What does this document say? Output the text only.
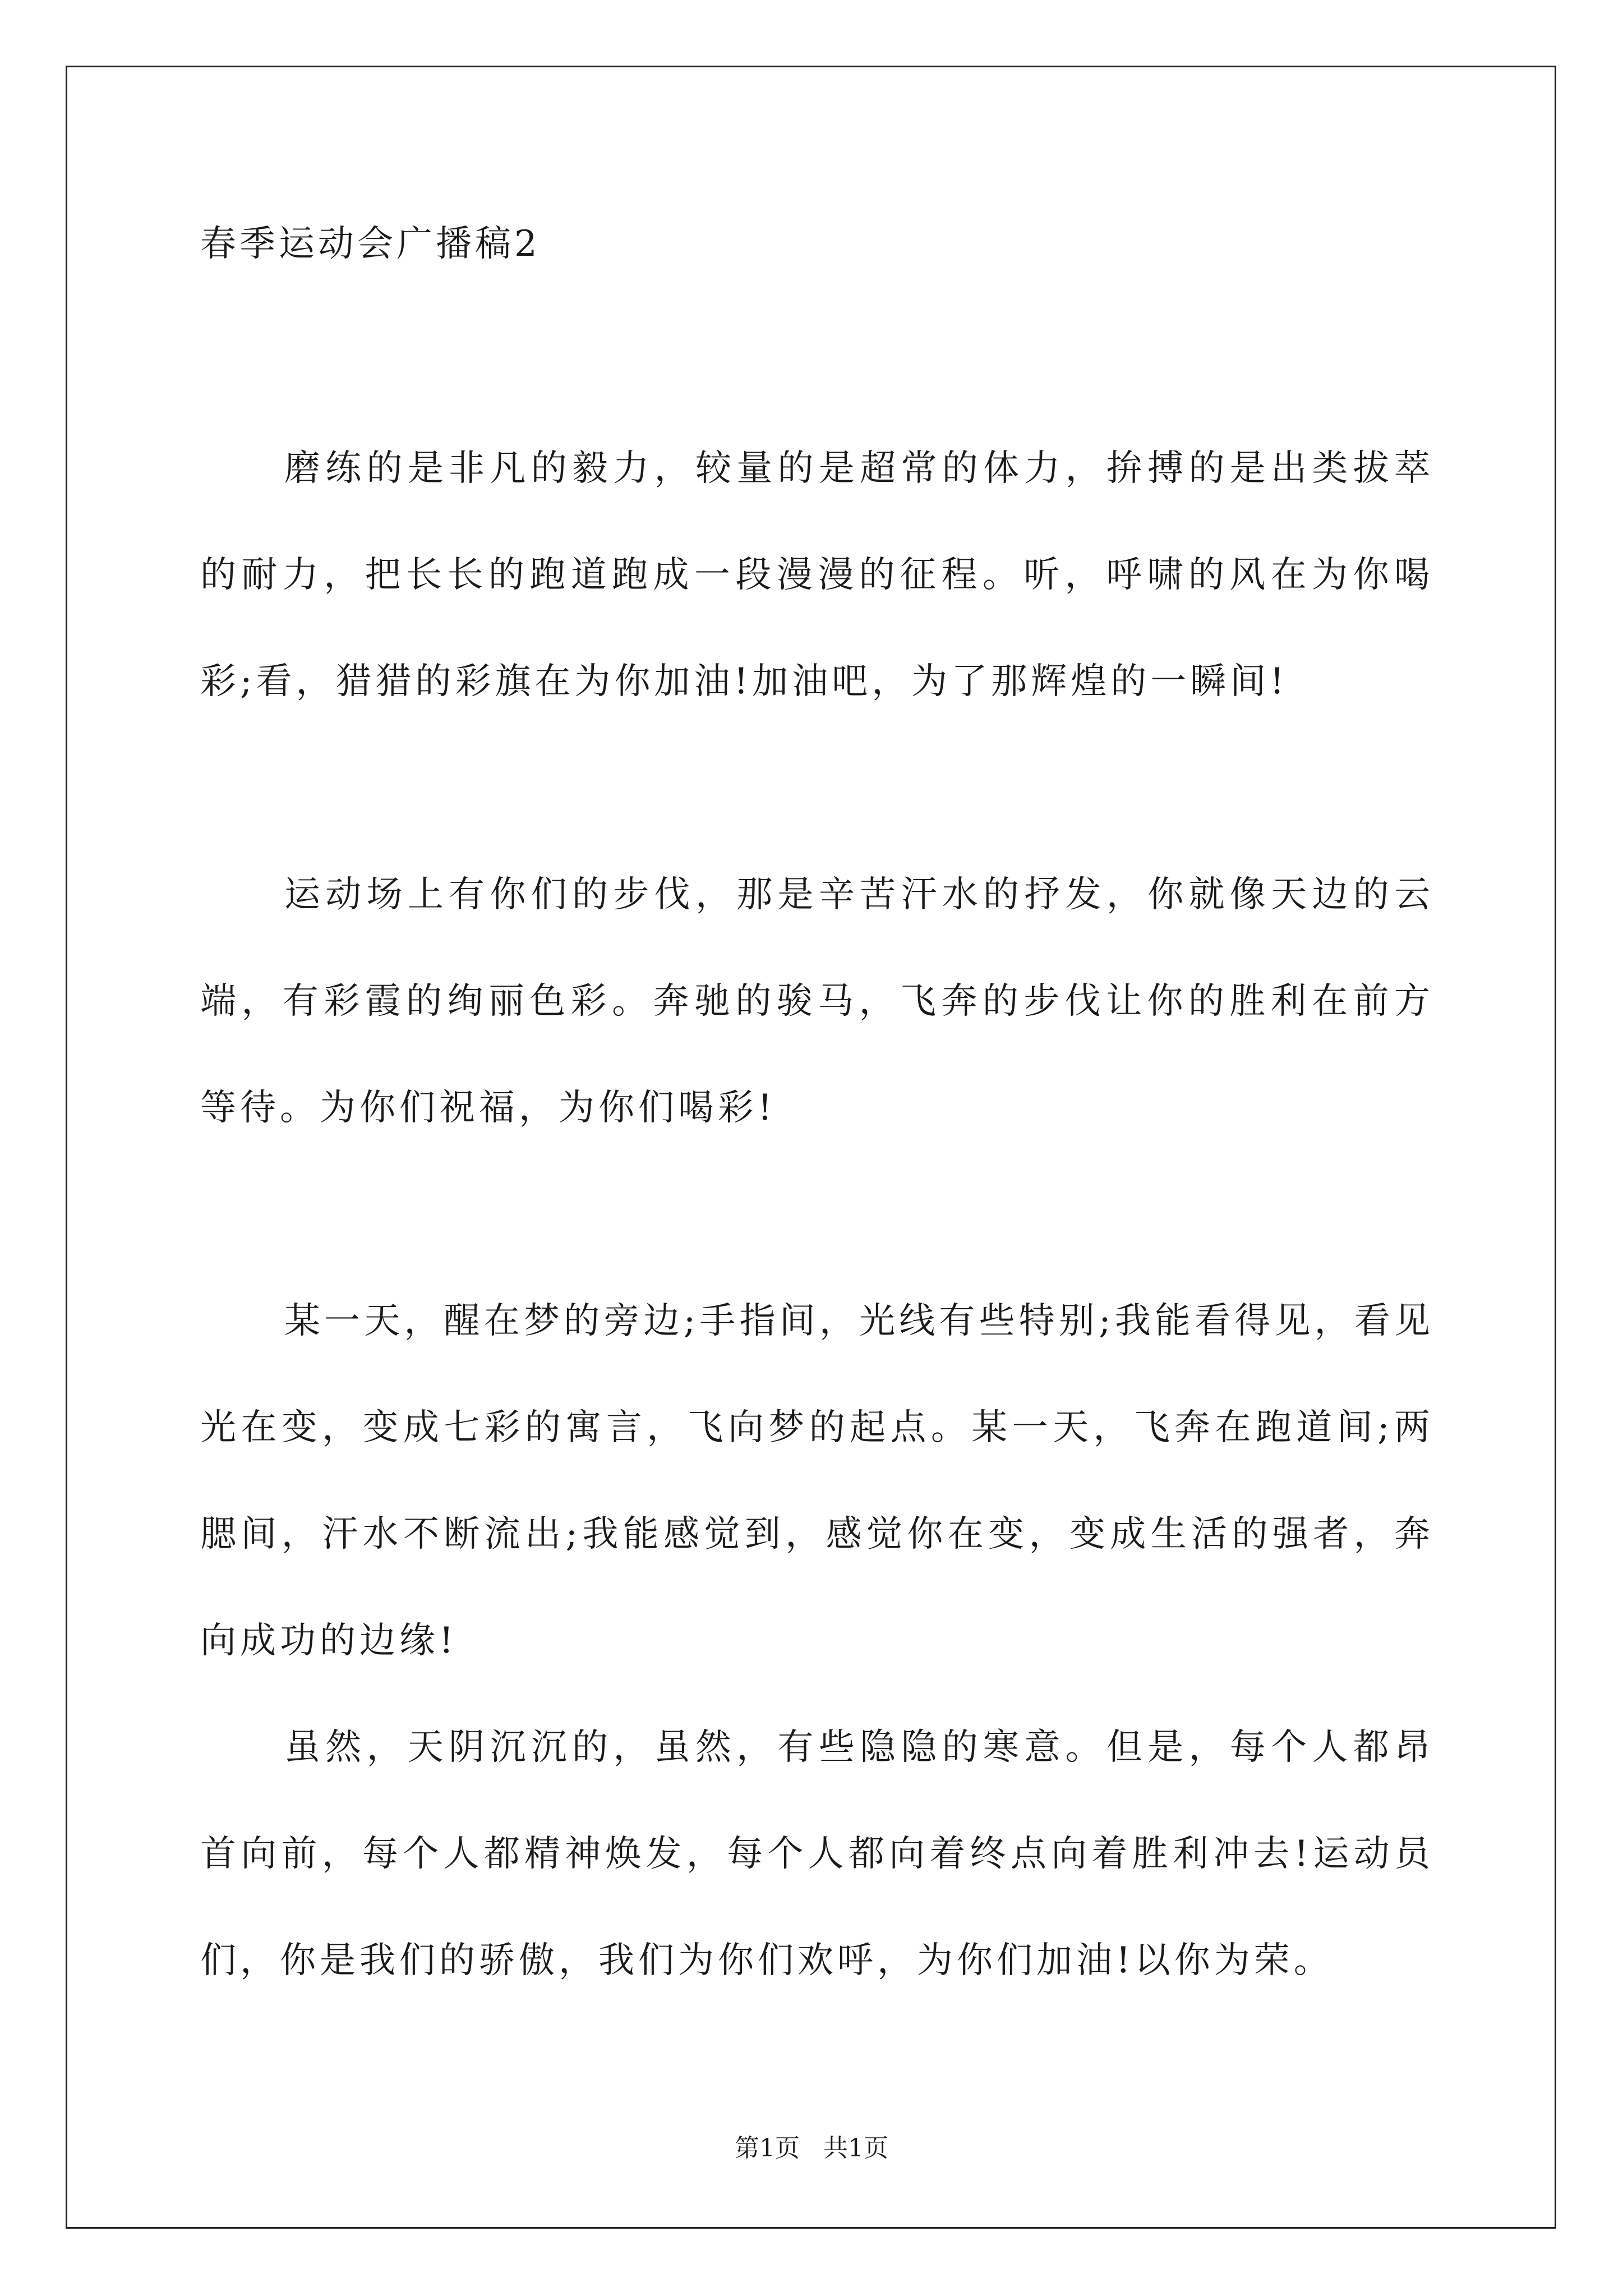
春季运动会广播稿2

磨练的是非凡的毅力，较量的是超常的体力，拚搏的是出类拔萃的耐力，把长长的跑道跑成一段漫漫的征程。听，呼啸的风在为你喝彩;看，猎猎的彩旗在为你加油!加油吧，为了那辉煌的一瞬间!

运动场上有你们的步伐，那是辛苦汗水的抒发，你就像天边的云端，有彩霞的绚丽色彩。奔驰的骏马，飞奔的步伐让你的胜利在前方等待。为你们祝福，为你们喝彩!

某一天，醒在梦的旁边;手指间，光线有些特别;我能看得见，看见光在变，变成七彩的寓言，飞向梦的起点。某一天，飞奔在跑道间;两腮间，汗水不断流出;我能感觉到，感觉你在变，变成生活的强者，奔向成功的边缘!

虽然，天阴沉沉的，虽然，有些隐隐的寒意。但是，每个人都昂首向前，每个人都精神焕发，每个人都向着终点向着胜利冲去!运动员们，你是我们的骄傲，我们为你们欢呼，为你们加油!以你为荣。

第1页   共1页
